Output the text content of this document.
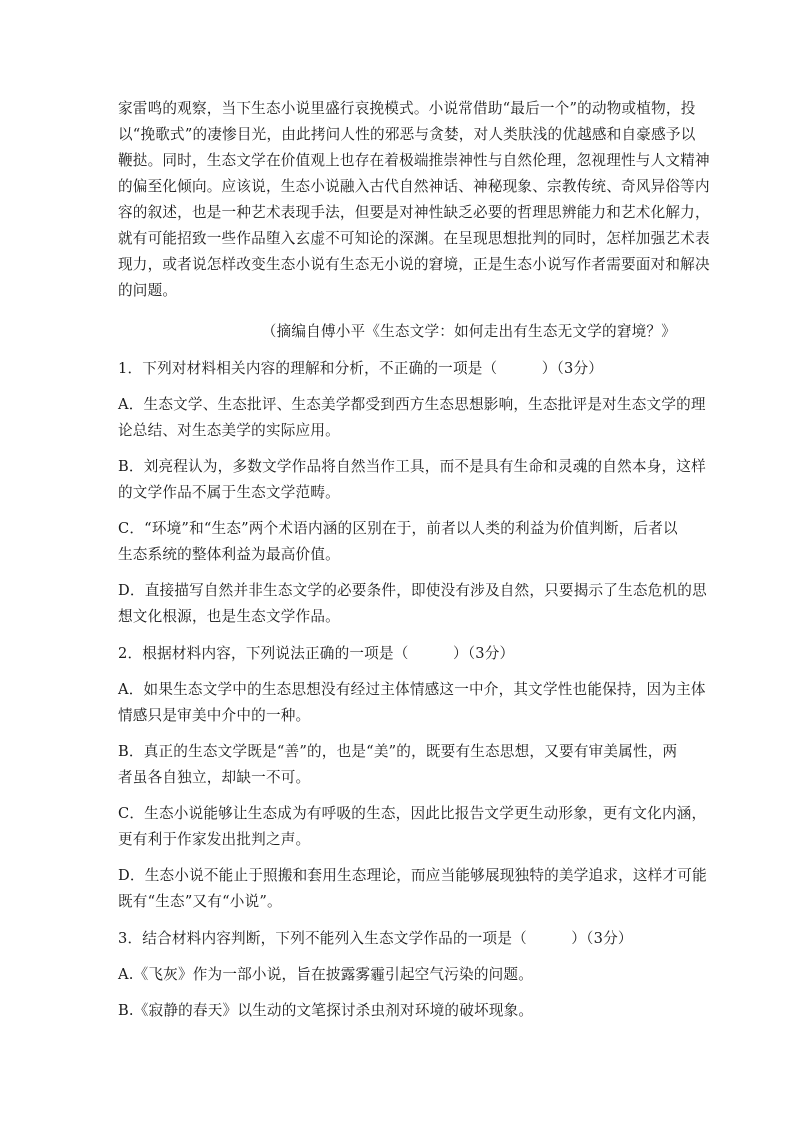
家雷鸣的观察，当下生态小说里盛行哀挽模式。小说常借助“最后一个”的动物或植物，投
以“挽歌式”的凄惨目光，由此拷问人性的邪恶与贪婪，对人类肤浅的优越感和自豪感予以
鞭挞。同时，生态文学在价值观上也存在着极端推崇神性与自然伦理，忽视理性与人文精神
的偏至化倾向。应该说，生态小说融入古代自然神话、神秘现象、宗教传统、奇风异俗等内
容的叙述，也是一种艺术表现手法，但要是对神性缺乏必要的哲理思辨能力和艺术化解力，
就有可能招致一些作品堕入玄虚不可知论的深渊。在呈现思想批判的同时，怎样加强艺术表
现力，或者说怎样改变生态小说有生态无小说的窘境，正是生态小说写作者需要面对和解决
的问题。
（摘编自傅小平《生态文学：如何走出有生态无文学的窘境？》
1．下列对材料相关内容的理解和分析，不正确的一项是（　　　）（3分）
A．生态文学、生态批评、生态美学都受到西方生态思想影响，生态批评是对生态文学的理
论总结、对生态美学的实际应用。
B．刘亮程认为，多数文学作品将自然当作工具，而不是具有生命和灵魂的自然本身，这样
的文学作品不属于生态文学范畴。
C．“环境”和“生态”两个术语内涵的区别在于，前者以人类的利益为价值判断，后者以
生态系统的整体利益为最高价值。
D．直接描写自然并非生态文学的必要条件，即使没有涉及自然，只要揭示了生态危机的思
想文化根源，也是生态文学作品。
2．根据材料内容，下列说法正确的一项是（　　　）（3分）
A．如果生态文学中的生态思想没有经过主体情感这一中介，其文学性也能保持，因为主体
情感只是审美中介中的一种。
B．真正的生态文学既是“善”的，也是“美”的，既要有生态思想，又要有审美属性，两
者虽各自独立，却缺一不可。
C．生态小说能够让生态成为有呼吸的生态，因此比报告文学更生动形象，更有文化内涵，
更有利于作家发出批判之声。
D．生态小说不能止于照搬和套用生态理论，而应当能够展现独特的美学追求，这样才可能
既有“生态”又有“小说”。
3．结合材料内容判断，下列不能列入生态文学作品的一项是（　　　）（3分）
A.《飞灰》作为一部小说，旨在披露雾霾引起空气污染的问题。
B.《寂静的春天》以生动的文笔探讨杀虫剂对环境的破坏现象。
